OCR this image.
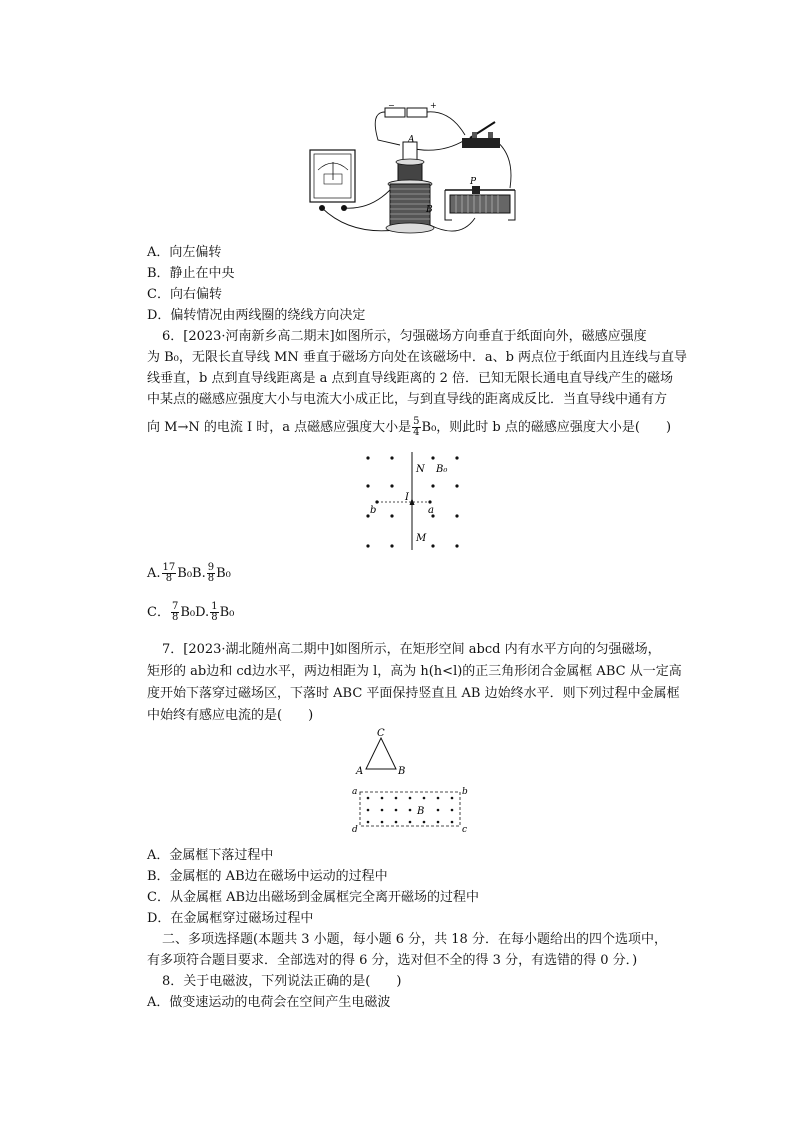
−	+
A
B
P
A．向左偏转
B．静止在中央
C．向右偏转
D．偏转情况由两线圈的绕线方向决定
6．[2023·河南新乡高二期末]如图所示，匀强磁场方向垂直于纸面向外，磁感应强度
为 B₀，无限长直导线 MN 垂直于磁场方向处在该磁场中．a、b 两点位于纸面内且连线与直导
线垂直，b 点到直导线距离是 a 点到直导线距离的 2 倍．已知无限长通电直导线产生的磁场
中某点的磁感应强度大小与电流大小成正比，与到直导线的距离成反比．当直导线中通有方
向 M→N 的电流 I 时，a 点磁感应强度大小是 $\frac{5}{4} B_0$，则此时 b 点的磁感应强度大小是(　　)
N B₀
I
a
b
M
A. $\frac{17}{8} B_0B$. $\frac{9}{8} B_0$
C． $\frac{7}{8} B_0D$. $\frac{1}{8} B_0$
7．[2023·湖北随州高二期中]如图所示，在矩形空间 abcd 内有水平方向的匀强磁场，
矩形的 ab边和 cd边水平，两边相距为 l，高为 h(h<l)的正三角形闭合金属框 ABC 从一定高
度开始下落穿过磁场区，下落时 ABC 平面保持竖直且 AB 边始终水平．则下列过程中金属框
中始终有感应电流的是(　　)
C
A	B
B
a	b
c
d
A．金属框下落过程中
B．金属框的 AB边在磁场中运动的过程中
C．从金属框 AB边出磁场到金属框完全离开磁场的过程中
D．在金属框穿过磁场过程中
二、多项选择题(本题共 3 小题，每小题 6 分，共 18 分．在每小题给出的四个选项中，
有多项符合题目要求．全部选对的得 6 分，选对但不全的得 3 分，有选错的得 0 分．)
8．关于电磁波，下列说法正确的是(　　)
A．做变速运动的电荷会在空间产生电磁波
